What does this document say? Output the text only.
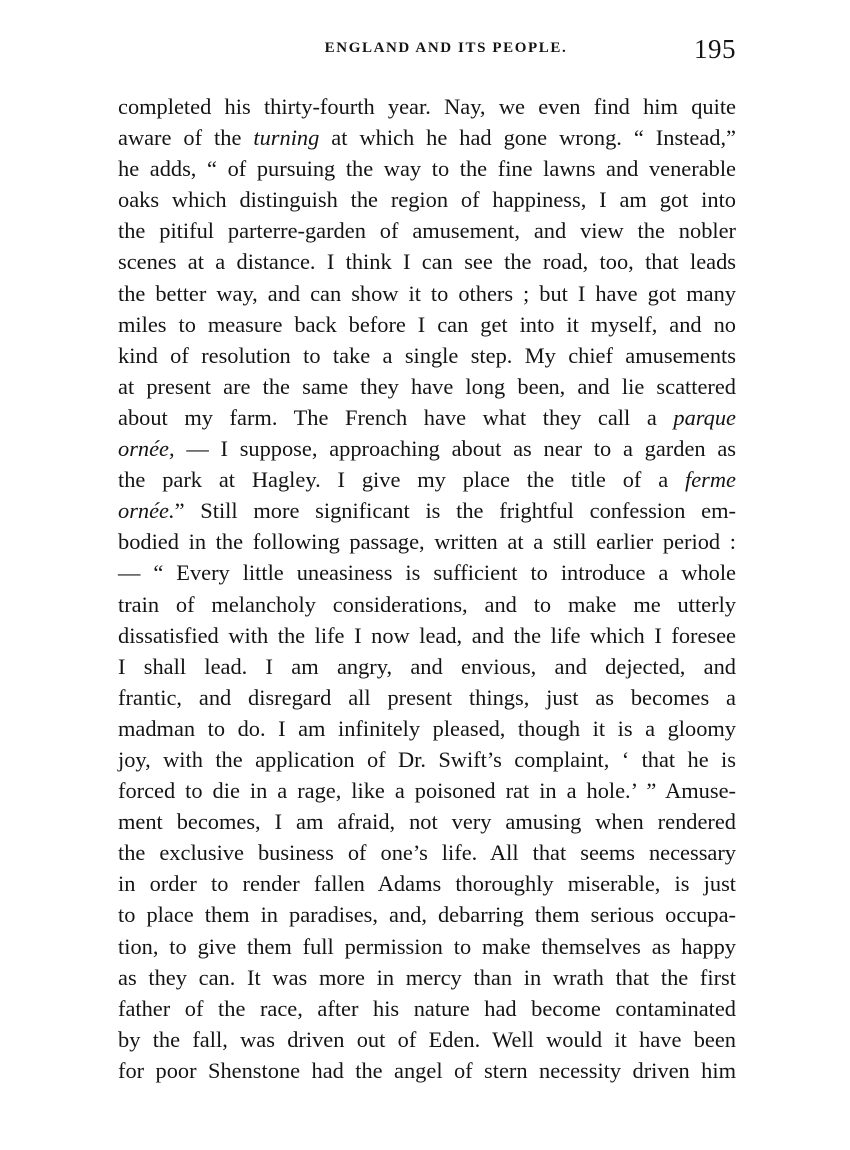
ENGLAND AND ITS PEOPLE.	195
completed his thirty-fourth year. Nay, we even find him quite
aware of the turning at which he had gone wrong. “ Instead,”
he adds, “ of pursuing the way to the fine lawns and venerable
oaks which distinguish the region of happiness, I am got into
the pitiful parterre-garden of amusement, and view the nobler
scenes at a distance. I think I can see the road, too, that leads
the better way, and can show it to others ; but I have got many
miles to measure back before I can get into it myself, and no
kind of resolution to take a single step. My chief amusements
at present are the same they have long been, and lie scattered
about my farm. The French have what they call a parque
ornée, — I suppose, approaching about as near to a garden as
the park at Hagley. I give my place the title of a ferme
ornée.” Still more significant is the frightful confession em-
bodied in the following passage, written at a still earlier period :
— “ Every little uneasiness is sufficient to introduce a whole
train of melancholy considerations, and to make me utterly
dissatisfied with the life I now lead, and the life which I foresee
I shall lead. I am angry, and envious, and dejected, and
frantic, and disregard all present things, just as becomes a
madman to do. I am infinitely pleased, though it is a gloomy
joy, with the application of Dr. Swift’s complaint, ‘ that he is
forced to die in a rage, like a poisoned rat in a hole.’ ” Amuse-
ment becomes, I am afraid, not very amusing when rendered
the exclusive business of one’s life. All that seems necessary
in order to render fallen Adams thoroughly miserable, is just
to place them in paradises, and, debarring them serious occupa-
tion, to give them full permission to make themselves as happy
as they can. It was more in mercy than in wrath that the first
father of the race, after his nature had become contaminated
by the fall, was driven out of Eden. Well would it have been
for poor Shenstone had the angel of stern necessity driven him
